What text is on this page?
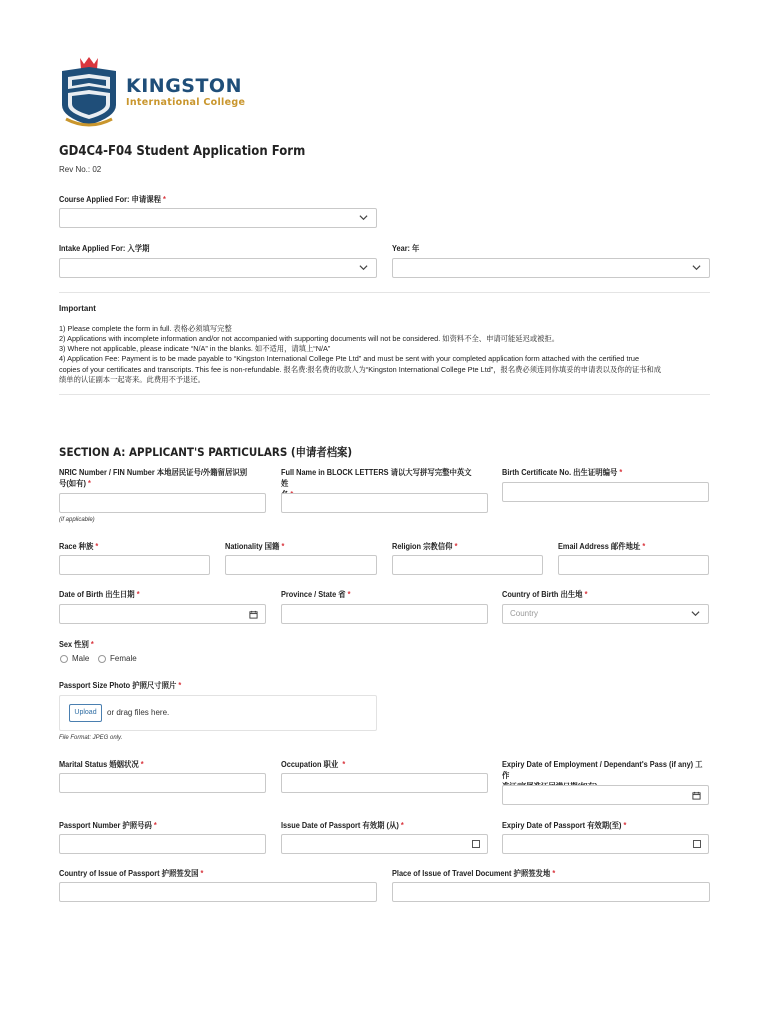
KINGSTON
International College
GD4C4-F04 Student Application Form
Rev No.: 02
Course Applied For: 申请课程 *
Intake Applied For: 入学期	Year: 年
Important
1) Please complete the form in full. 表格必须填写完整
2) Applications with incomplete information and/or not accompanied with supporting documents will not be considered. 如资料不全、申请可能延迟或被拒。
3) Where not applicable, please indicate “N/A” in the blanks. 如不适用，请填上“N/A”
4) Application Fee: Payment is to be made payable to “Kingston International College Pte Ltd” and must be sent with your completed application form attached with the certified true
copies of your certificates and transcripts. This fee is non-refundable. 报名费:报名费的收款人为“Kingston International College Pte Ltd”，报名费必须连同你填妥的申请表以及你的证书和成
绩单的认证副本一起寄来。此费用不予退还。
SECTION A: APPLICANT'S PARTICULARS (申请者档案)
NRIC Number / FIN Number 本地居民证号/外籍留居识别
号(如有) *
(if applicable)
Full Name in BLOCK LETTERS 请以大写拼写完整中英文姓

Birth Certificate No. 出生证明编号 *
Race 种族 *	Nationality 国籍 *	Religion 宗教信仰 *	Email Address 邮件地址 *
Date of Birth 出生日期 *	Province / State 省 *	Country of Birth 出生地 *
Country
Sex 性别 *
Male	Female
Passport Size Photo 护照尺寸照片 *
Upload	or drag files here.
File Format: JPEG only.
Marital Status 婚姻状况 *	Occupation 职业 *	Expiry Date of Employment / Dependant's Pass (if any) 工作

Passport Number 护照号码 *	Issue Date of Passport 有效期 (从) *	Expiry Date of Passport 有效期(至) *
Country of Issue of Passport 护照签发国 *	Place of Issue of Travel Document 护照签发地 *
